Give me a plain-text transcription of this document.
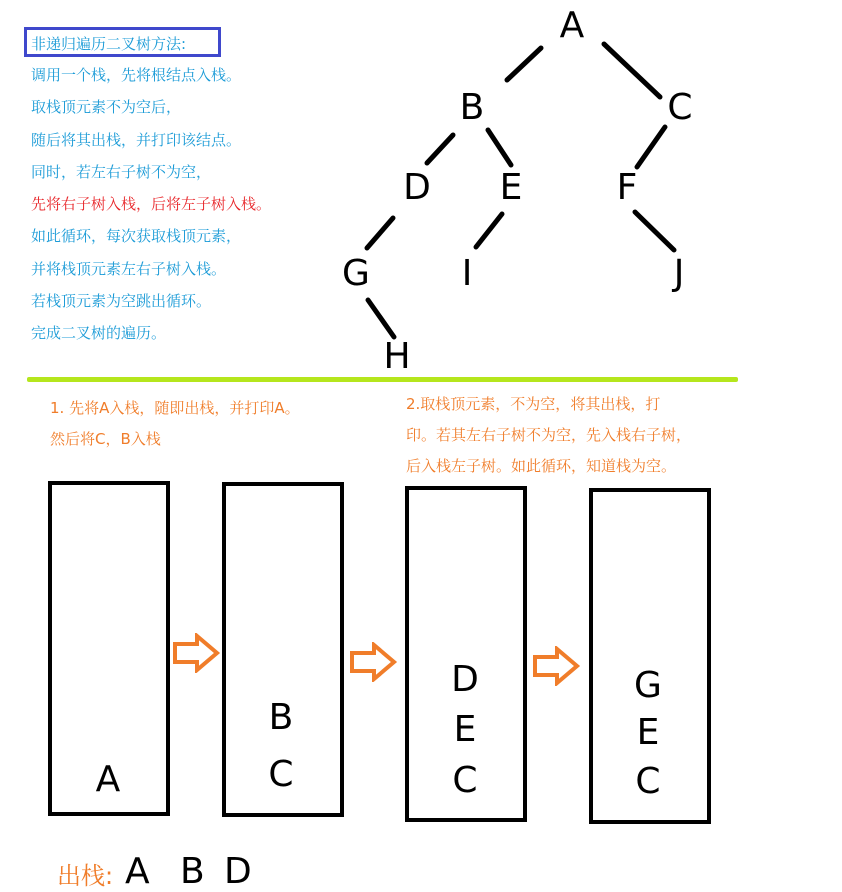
非递归遍历二叉树方法:
调用一个栈，先将根结点入栈。
取栈顶元素不为空后，
随后将其出栈，并打印该结点。
同时，若左右子树不为空，
先将右子树入栈，后将左子树入栈。
如此循环，每次获取栈顶元素，
并将栈顶元素左右子树入栈。
若栈顶元素为空跳出循环。
完成二叉树的遍历。
A
B	C
D E	F
G	I	J
H
1. 先将A入栈，随即出栈，并打印A。
然后将C，B入栈
2.取栈顶元素，不为空，将其出栈，打
印。若其左右子树不为空，先入栈右子树，
后入栈左子树。如此循环，知道栈为空。
A
B
C
D
E
C
G
E
C
出栈: A B D
